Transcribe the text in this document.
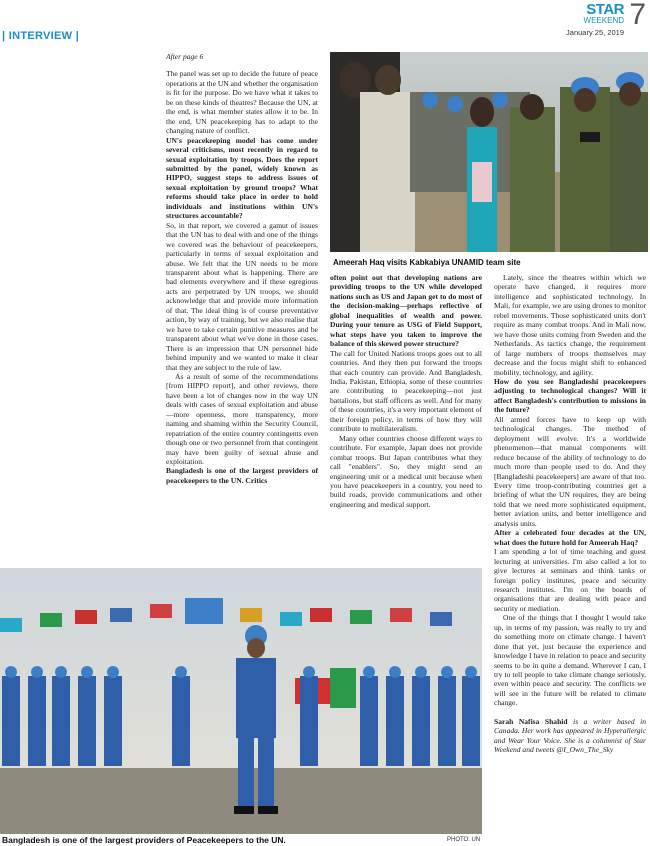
| INTERVIEW |
STAR
WEEKEND 7
January 25, 2019

After page 6

The panel was set up to decide the future of peace operations at the UN and whether the organisation is fit for the purpose. Do we have what it takes to be on these kinds of theatres? Because the UN, at the end, is what member states allow it to be. In the end, UN peacekeeping has to adapt to the changing nature of conflict.

UN's peacekeeping model has come under several criticisms, most recently in regard to sexual exploitation by troops. Does the report submitted by the panel, widely known as HIPPO, suggest steps to address issues of sexual exploitation by ground troops? What reforms should take place in order to hold individuals and institutions within UN's structures accountable?

So, in that report, we covered a gamut of issues that the UN has to deal with and one of the things we covered was the behaviour of peacekeepers, particularly in terms of sexual exploitation and abuse. We felt that the UN needs to be more transparent about what is happening. There are bad elements everywhere and if these egregious acts are perpetrated by UN troops, we should acknowledge that and provide more information of that. The ideal thing is of course preventative action, by way of training, but we also realise that we have to take certain punitive measures and be transparent about what we've done in those cases. There is an impression that UN personnel hide behind impunity and we wanted to make it clear that they are subject to the rule of law.

As a result of some of the recommendations [from HIPPO report], and other reviews, there have been a lot of changes now in the way UN deals with cases of sexual exploitation and abuse—more openness, more transparency, more naming and shaming within the Security Council, repatriation of the entire country contingents even though one or two personnel from that contingent may have been guilty of sexual abuse and exploitation.

Bangladesh is one of the largest providers of peacekeepers to the UN. Critics

Ameerah Haq visits Kabkabiya UNAMID team site

often point out that developing nations are providing troops to the UN while developed nations such as US and Japan get to do most of the decision-making—perhaps reflective of global inequalities of wealth and power. During your tenure as USG of Field Support, what steps have you taken to improve the balance of this skewed power structure?

The call for United Nations troops goes out to all countries. And they then put forward the troops that each country can provide. And Bangladesh, India, Pakistan, Ethiopia, some of these countries are contributing to peacekeeping—not just battalions, but staff officers as well. And for many of these countries, it's a very important element of their foreign policy, in terms of how they will contribute to multilateralism.

Many other countries choose different ways to contribute. For example, Japan does not provide combat troops. But Japan contributes what they call "enablers". So, they might send an engineering unit or a medical unit because when you have peacekeepers in a country, you need to build roads, provide communications and other engineering and medical support.

Lately, since the theatres within which we operate have changed, it requires more intelligence and sophisticated technology. In Mali, for example, we are using drones to monitor rebel movements. Those sophisticated units don't require as many combat troops. And in Mali now, we have those units coming from Sweden and the Netherlands. As tactics change, the requirement of large numbers of troops themselves may decrease and the focus might shift to enhanced mobility, technology, and agility.

How do you see Bangladeshi peacekeepers adjusting to technological changes? Will it affect Bangladesh's contribution to missions in the future?

All armed forces have to keep up with technological changes. The method of deployment will evolve. It's a worldwide phenomenon—that manual components will reduce because of the ability of technology to do much more than people used to do. And they [Bangladeshi peacekeepers] are aware of that too. Every time troop-contributing countries get a briefing of what the UN requires, they are being told that we need more sophisticated equipment, better aviation units, and better intelligence and analysis units.

After a celebrated four decades at the UN, what does the future hold for Ameerah Haq?

I am spending a lot of time teaching and guest lecturing at universities. I'm also called a lot to give lectures at seminars and think tanks or foreign policy institutes, peace and security research institutes. I'm on the boards of organisations that are dealing with peace and security or mediation.

One of the things that I thought I would take up, in terms of my passion, was really to try and do something more on climate change. I haven't done that yet, just because the experience and knowledge I have in relation to peace and security seems to be in quite a demand. Wherever I can, I try to tell people to take climate change seriously, even within peace and security. The conflicts we will see in the future will be related to climate change.

Sarah Nafisa Shahid is a writer based in Canada. Her work has appeared in Hyperallergic and Wear Your Voice. She is a columnist of Star Weekend and tweets @I_Own_The_Sky

Bangladesh is one of the largest providers of Peacekeepers to the UN.	PHOTO: UN
